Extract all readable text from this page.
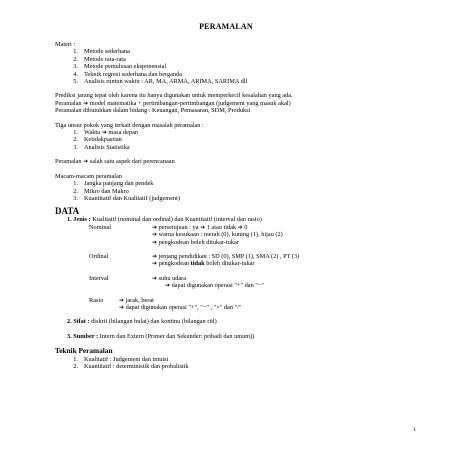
PERAMALAN

Materi :

1. Metode sederhana
2. Metode rata-rata
3. Metode pemulusan eksponensial
4. Teknik regresi sederhana dan berganda
5. Analisis runtun waktu : AR, MA, ARMA, ARIMA, SARIMA dll

Prediksi jarang tepat oleh karena itu hanya digunakan untuk memperkecil kesalahan yang ada.

Peramalan ➔ model matematika + pertimbangan-pertimbangan (judgement yang masuk akal)

Peramalan dibutuhkan dalam bidang : Keuangan, Pemasaran, SDM, Produksi

Tiga unsur pokok yang terkait dengan masalah peramalan :

1. Waktu ➔ masa depan
2. Ketidakpastian
3. Analisis Statistika

Peramalan ➔ salah satu aspek dari perencanaan

Macam-macam peramalan

1. Jangka panjang dan pendek
2. Mikro dan Makro
3. Kuantitatif dan Kualitatif (judgement)

DATA

1. Jenis : Kualitatif (nominal dan ordinal) dan Kuantitatif (interval dan rasio)

Nominal	➔ persetujuan : ya ➔ 1 atau tidak ➔ 0
➔ warna kesukaan : merah (0), kuning (1), hijau (2)
➔ pengkodean boleh ditukar-tukar
Ordinal	➔ jenjang pendidikan : SD (0), SMP (1), SMA (2) , PT (3)
➔ pengkodean tidak boleh ditukar-tukar
Interval	➔ suhu udara
➔ dapat digunakan operasi "+" dan "−"
Rasio	➔ jarak, berat
➔ dapat digunakan operasi "+", "−" , "×" dan "/"

2. Sifat : diskrit (bilangan bulat) dan kontinu (bilangan riil)

3. Sumber : Intern dan Extern (Primer dan Sekunder: pribadi dan umum))

Teknik Peramalan

1. Kualitatif : Judgement dan intuisi
2. Kuantitatif : deterministik dan probalistik
1
